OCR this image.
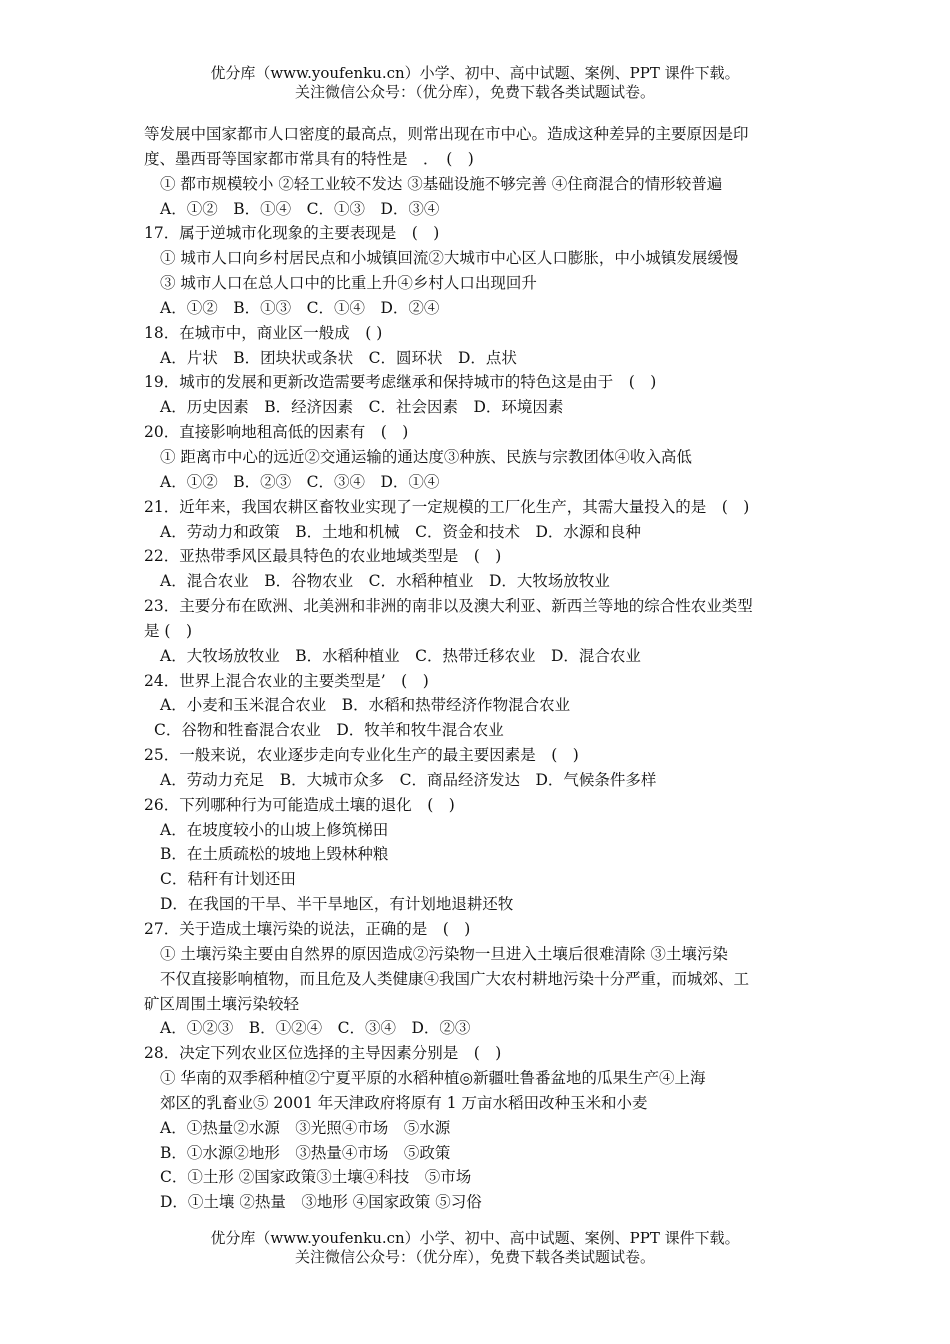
优分库（www.youfenku.cn）小学、初中、高中试题、案例、PPT 课件下载。
关注微信公众号：（优分库），免费下载各类试题试卷。
等发展中国家都市人口密度的最高点，则常出现在市中心。造成这种差异的主要原因是印
度、墨西哥等国家都市常具有的特性是　．　(　)
① 都市规模较小 ②轻工业较不发达 ③基础设施不够完善 ④住商混合的情形较普遍
A．①②　B．①④　C．①③　D．③④
17．属于逆城市化现象的主要表现是　(　)
① 城市人口向乡村居民点和小城镇回流②大城市中心区人口膨胀，中小城镇发展缓慢
③ 城市人口在总人口中的比重上升④乡村人口出现回升
A．①②　B．①③　C．①④　D．②④
18．在城市中，商业区一般成　( )
A．片状　B．团块状或条状　C．圆环状　D．点状
19．城市的发展和更新改造需要考虑继承和保持城市的特色这是由于　(　)
A．历史因素　B．经济因素　C．社会因素　D．环境因素
20．直接影响地租高低的因素有　(　)
① 距离市中心的远近②交通运输的通达度③种族、民族与宗教团体④收入高低
A．①②　B．②③　C．③④　D．①④
21．近年来，我国农耕区畜牧业实现了一定规模的工厂化生产，其需大量投入的是　(　)
A．劳动力和政策　B．土地和机械　C．资金和技术　D．水源和良种
22．亚热带季风区最具特色的农业地域类型是　(　)
A．混合农业　B．谷物农业　C．水稻种植业　D．大牧场放牧业
23．主要分布在欧洲、北美洲和非洲的南非以及澳大利亚、新西兰等地的综合性农业类型
是 (　)
A．大牧场放牧业　B．水稻种植业　C．热带迁移农业　D．混合农业
24．世界上混合农业的主要类型是’　(　)
A．小麦和玉米混合农业　B．水稻和热带经济作物混合农业
C．谷物和牲畜混合农业　D．牧羊和牧牛混合农业
25．一般来说，农业逐步走向专业化生产的最主要因素是　(　)
A．劳动力充足　B．大城市众多　C．商品经济发达　D．气候条件多样
26．下列哪种行为可能造成土壤的退化　(　)
A．在坡度较小的山坡上修筑梯田
B．在土质疏松的坡地上毁林种粮
C．秸秆有计划还田
D．在我国的干旱、半干旱地区，有计划地退耕还牧
27．关于造成土壤污染的说法，正确的是　(　)
① 土壤污染主要由自然界的原因造成②污染物一旦进入土壤后很难清除 ③土壤污染
不仅直接影响植物，而且危及人类健康④我国广大农村耕地污染十分严重，而城郊、工
矿区周围土壤污染较轻
A．①②③　B．①②④　C．③④　D．②③
28．决定下列农业区位选择的主导因素分别是　(　)
① 华南的双季稻种植②宁夏平原的水稻种植◎新疆吐鲁番盆地的瓜果生产④上海
郊区的乳畜业⑤ 2001 年天津政府将原有 1 万亩水稻田改种玉米和小麦
A．①热量②水源　③光照④市场　⑤水源
B．①水源②地形　③热量④市场　⑤政策
C．①土形 ②国家政策③土壤④科技　⑤市场
D．①土壤 ②热量　③地形 ④国家政策 ⑤习俗
优分库（www.youfenku.cn）小学、初中、高中试题、案例、PPT 课件下载。
关注微信公众号：（优分库），免费下载各类试题试卷。
